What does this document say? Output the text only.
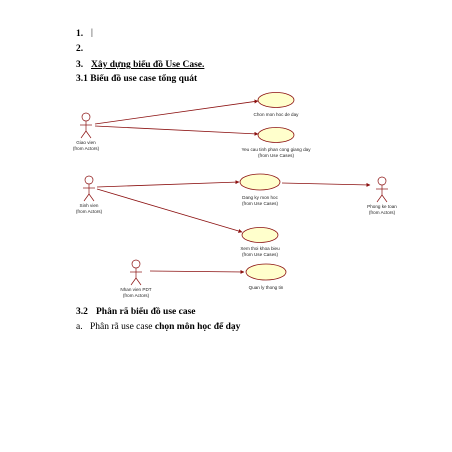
1. |
2.
3. Xây dựng biểu đồ Use Case.
3.1 Biểu đồ use case tổng quát
Giao vien
(from Actors)
Sinh vien
(from Actors)
Phong ke toan
(from Actors)
Nhan vien PDT
(from Actors)
Chon mon hoc de day
Yeu cau tinh phan cong giang day
(from Use Cases)
Dang ky mon hoc
(from Use Cases)
Xem thoi khoa bieu
(from Use Cases)
Quan ly thong tin
3.2 Phân rã biểu đồ use case
a. Phân rã use case chọn môn học để dạy
